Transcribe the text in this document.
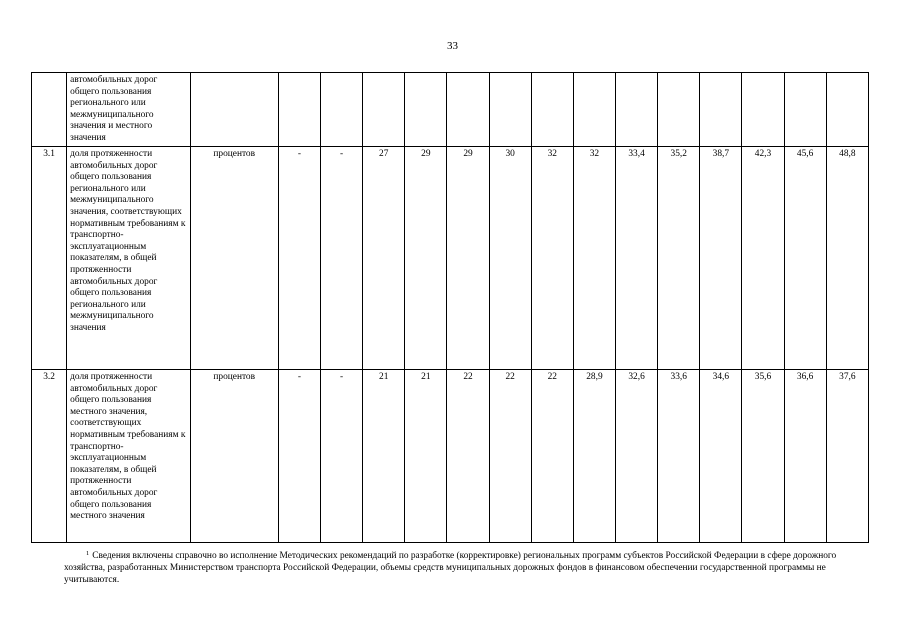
33
	автомобильных дорог общего пользования регионального или межмуниципального значения и местного значения															
3.1	доля протяженности автомобильных дорог общего пользования регионального или межмуниципального значения, соответствующих нормативным требованиям к транспортно-эксплуатационным показателям, в общей протяженности автомобильных дорог общего пользования регионального или межмуниципального значения	процентов	-	-	27	29	29	30	32	32	33,4	35,2	38,7	42,3	45,6	48,8
3.2	доля протяженности автомобильных дорог общего пользования местного значения, соответствующих нормативным требованиям к транспортно-эксплуатационным показателям, в общей протяженности автомобильных дорог общего пользования местного значения	процентов	-	-	21	21	22	22	22	28,9	32,6	33,6	34,6	35,6	36,6	37,6
$^1$ Сведения включены справочно во исполнение Методических рекомендаций по разработке (корректировке) региональных программ субъектов Российской Федерации в сфере дорожного хозяйства, разработанных Министерством транспорта Российской Федерации, объемы средств муниципальных дорожных фондов в финансовом обеспечении государственной программы не учитываются.
